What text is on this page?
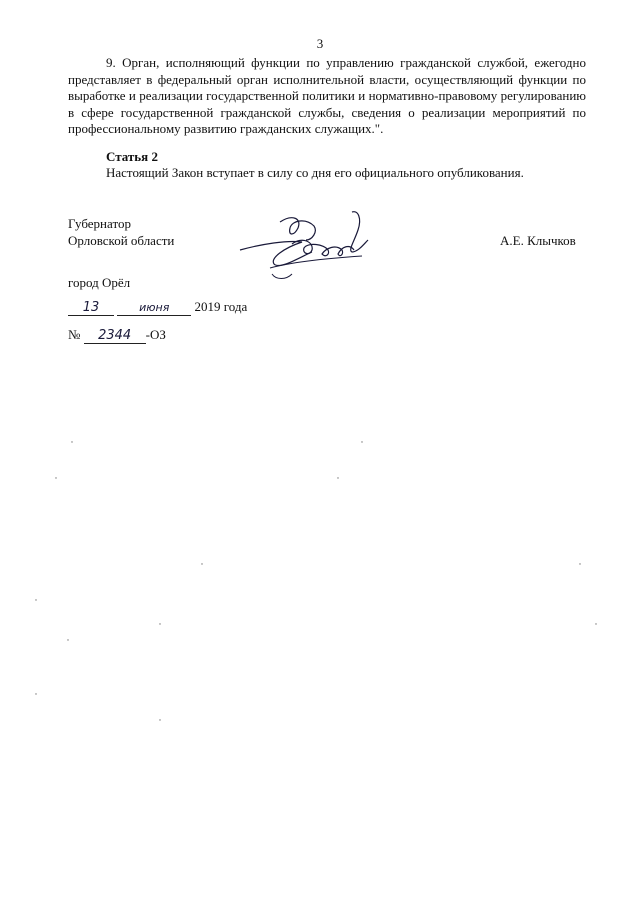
3
9. Орган, исполняющий функции по управлению гражданской службой, ежегодно представляет в федеральный орган исполнительной власти, осуществляющий функции по выработке и реализации государственной политики и нормативно-правовому регулированию в сфере государственной гражданской службы, сведения о реализации мероприятий по профессиональному развитию гражданских служащих.".
Статья 2
Настоящий Закон вступает в силу со дня его официального опубликования.
Губернатор
Орловской области	А.Е. Клычков
город Орёл
13	июня 2019 года
№ 2344 -ОЗ
